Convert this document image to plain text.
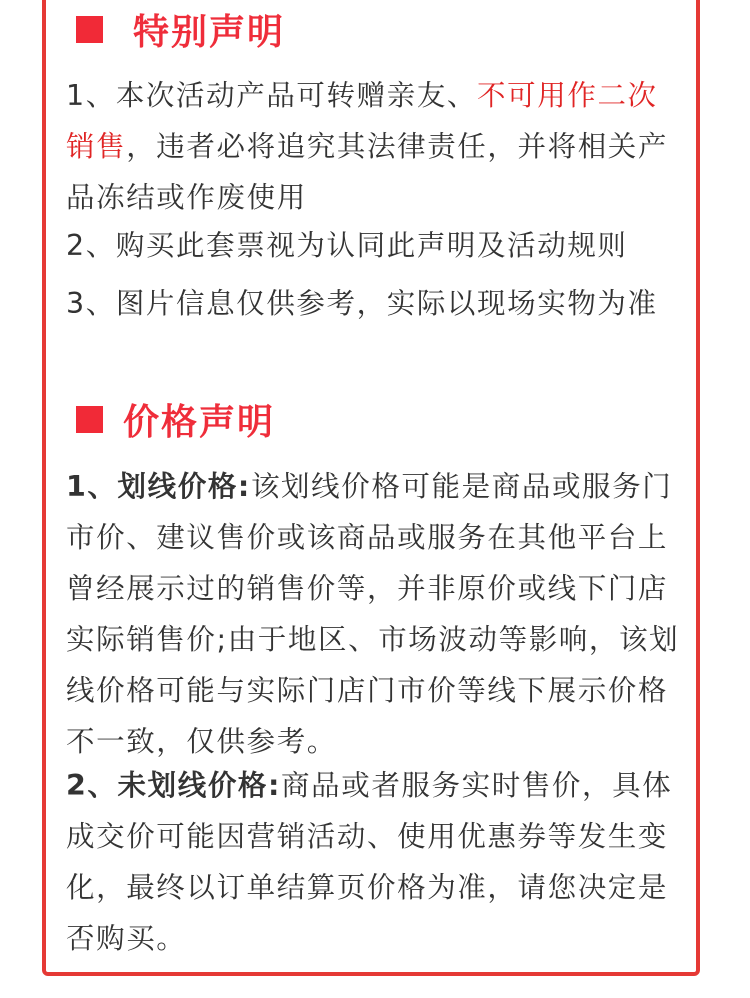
特别声明
1、本次活动产品可转赠亲友、不可用作二次销售，违者必将追究其法律责任，并将相关产品冻结或作废使用
2、购买此套票视为认同此声明及活动规则
3、图片信息仅供参考，实际以现场实物为准
价格声明
1、划线价格:该划线价格可能是商品或服务门市价、建议售价或该商品或服务在其他平台上曾经展示过的销售价等，并非原价或线下门店实际销售价;由于地区、市场波动等影响，该划线价格可能与实际门店门市价等线下展示价格不一致，仅供参考。
2、未划线价格:商品或者服务实时售价，具体成交价可能因营销活动、使用优惠券等发生变化，最终以订单结算页价格为准，请您决定是否购买。
